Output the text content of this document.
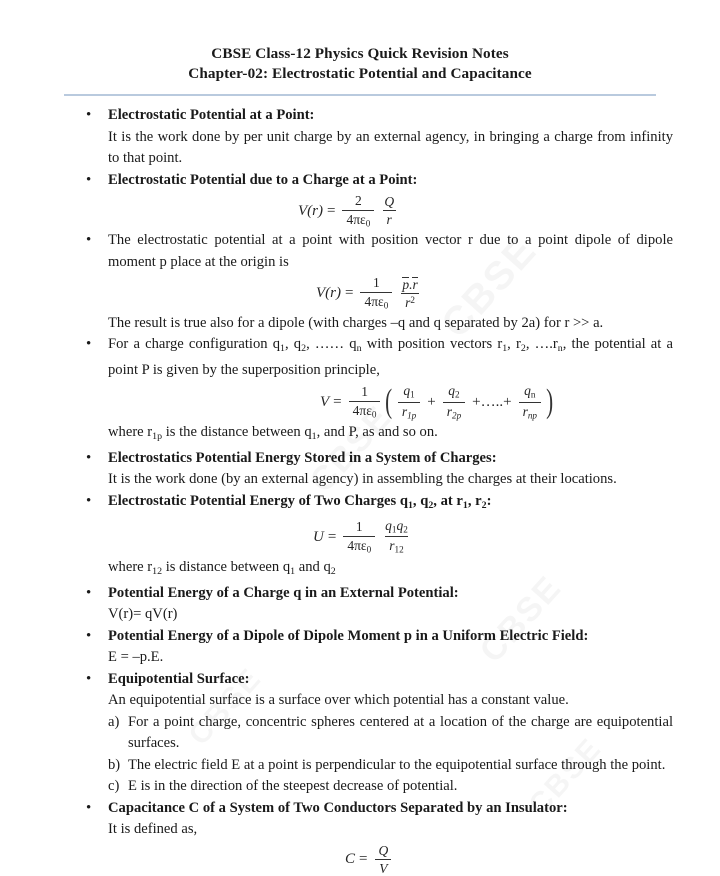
CBSE Class-12 Physics Quick Revision Notes
Chapter-02: Electrostatic Potential and Capacitance
• Electrostatic Potential at a Point:
It is the work done by per unit charge by an external agency, in bringing a charge from infinity to that point.
• Electrostatic Potential due to a Charge at a Point:
$V(r) = \frac{2}{4\pi\varepsilon_0} \frac{Q}{r}$
• The electrostatic potential at a point with position vector r due to a point dipole of dipole moment p place at the origin is
$V(r) = \frac{1}{4\pi\varepsilon_0} \frac{p.r}{r^2}$
The result is true also for a dipole (with charges –q and q separated by 2a) for r >> a.
• For a charge configuration $q_1$, $q_2$, …… $q_n$ with position vectors $r_1$, $r_2$, $\dots.r_n$, the potential at a point P is given by the superposition principle,
$V = \frac{1}{4\pi\varepsilon_0}$ ( $\frac{q_1}{r_{1p}} + \frac{q_2}{r_{2p}}$ +…..+ $\frac{q_n}{r_{np}}$ )
where $r_{1p}$ is the distance between $q_1$, and P, as and so on.
• Electrostatics Potential Energy Stored in a System of Charges:
It is the work done (by an external agency) in assembling the charges at their locations.
• Electrostatic Potential Energy of Two Charges $q_1$, $q_2$, at $r_1$, $r_2$:
$U = \frac{1}{4\pi\varepsilon_0} \frac{q_1q_2}{r_{12}}$
where $r_{12}$ is distance between $q_1$ and $q_2$
• Potential Energy of a Charge q in an External Potential:
V(r)= qV(r)
• Potential Energy of a Dipole of Dipole Moment p in a Uniform Electric Field:
E = –p.E.
• Equipotential Surface:
An equipotential surface is a surface over which potential has a constant value.
a) For a point charge, concentric spheres centered at a location of the charge are equipotential surfaces.
b) The electric field E at a point is perpendicular to the equipotential surface through the point.
c) E is in the direction of the steepest decrease of potential.
• Capacitance C of a System of Two Conductors Separated by an Insulator:
It is defined as,
$C = \frac{Q}{V}$
